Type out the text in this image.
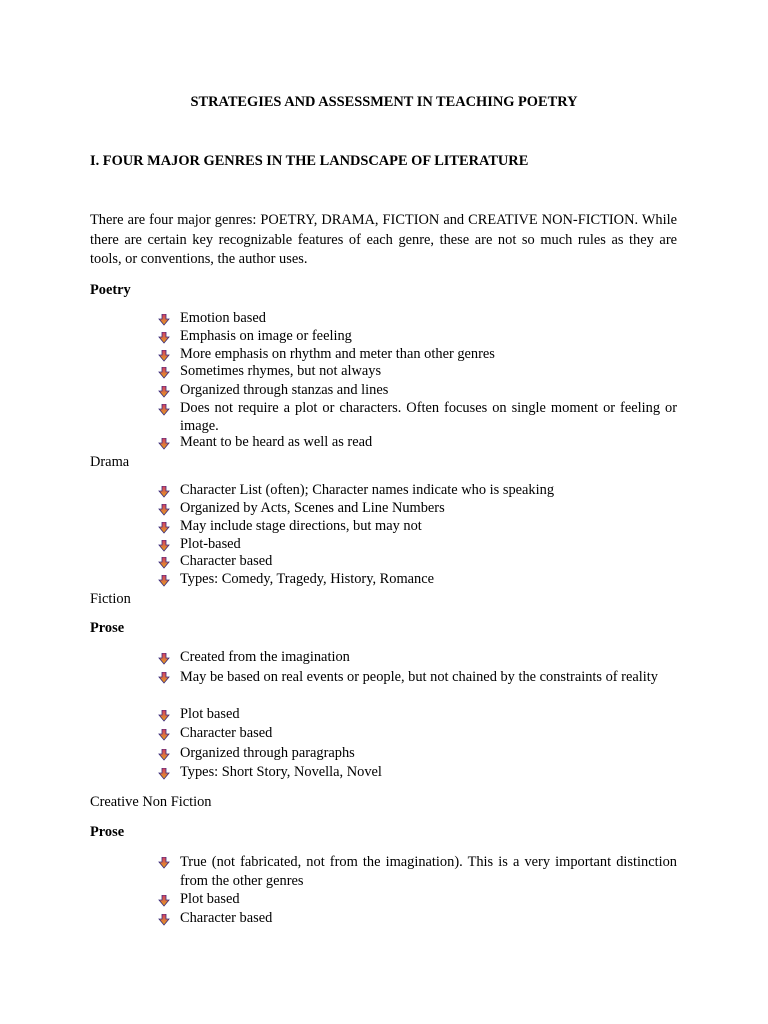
STRATEGIES AND ASSESSMENT IN TEACHING POETRY
I. FOUR MAJOR GENRES IN THE LANDSCAPE OF LITERATURE
There are four major genres: POETRY, DRAMA, FICTION and CREATIVE NON-FICTION. While there are certain key recognizable features of each genre, these are not so much rules as they are tools, or conventions, the author uses.
Poetry
Emotion based
Emphasis on image or feeling
More emphasis on rhythm and meter than other genres
Sometimes rhymes, but not always
Organized through stanzas and lines
Does not require a plot or characters. Often focuses on single moment or feeling or image.
Meant to be heard as well as read
Drama
Character List (often); Character names indicate who is speaking
Organized by Acts, Scenes and Line Numbers
May include stage directions, but may not
Plot-based
Character based
Types: Comedy, Tragedy, History, Romance
Fiction
Prose
Created from the imagination
May be based on real events or people, but not chained by the constraints of reality
Plot based
Character based
Organized through paragraphs
Types: Short Story, Novella, Novel
Creative Non Fiction
Prose
True (not fabricated, not from the imagination). This is a very important distinction from the other genres
Plot based
Character based
